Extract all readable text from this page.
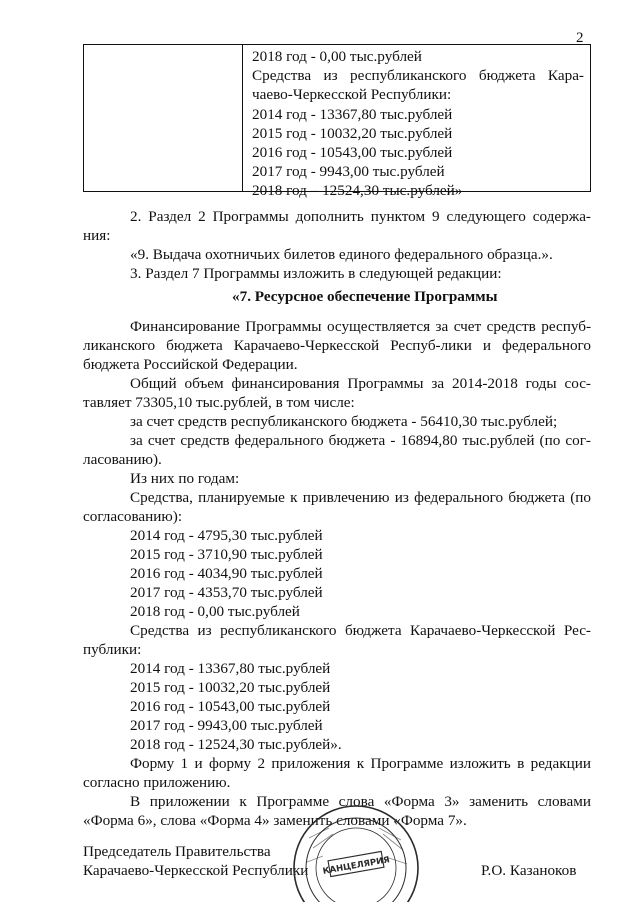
2
2018 год - 0,00 тыс.рублей
Средства из республиканского бюджета Кара-
чаево-Черкесской Республики:
2014 год - 13367,80 тыс.рублей
2015 год - 10032,20 тыс.рублей
2016 год - 10543,00 тыс.рублей
2017 год - 9943,00 тыс.рублей
2018 год – 12524,30 тыс.рублей»
2. Раздел 2 Программы дополнить пунктом 9 следующего содержа-
ния:
«9. Выдача охотничьих билетов единого федерального образца.».
3. Раздел 7 Программы изложить в следующей редакции:
«7. Ресурсное обеспечение Программы
Финансирование Программы осуществляется за счет средств респуб-
ликанского бюджета Карачаево-Черкесской Респуб-лики и федерального
бюджета Российской Федерации.
Общий объем финансирования Программы за 2014-2018 годы сос-
тавляет 73305,10 тыс.рублей, в том числе:
за счет средств республиканского бюджета - 56410,30 тыс.рублей;
за счет средств федерального бюджета - 16894,80 тыс.рублей (по сог-
ласованию).
Из них по годам:
Средства, планируемые к привлечению из федерального бюджета (по
согласованию):
2014 год - 4795,30 тыс.рублей
2015 год - 3710,90 тыс.рублей
2016 год - 4034,90 тыс.рублей
2017 год - 4353,70 тыс.рублей
2018 год - 0,00 тыс.рублей
Средства из республиканского бюджета Карачаево-Черкесской Рес-
публики:
2014 год - 13367,80 тыс.рублей
2015 год - 10032,20 тыс.рублей
2016 год - 10543,00 тыс.рублей
2017 год - 9943,00 тыс.рублей
2018 год - 12524,30 тыс.рублей».
Форму 1 и форму 2 приложения к Программе изложить в редакции
согласно приложению.
В приложении к Программе слова «Форма 3» заменить словами
«Форма 6», слова «Форма 4» заменить словами «Форма 7».
Председатель Правительства
Карачаево-Черкесской Республики	Р.О. Казаноков
КАНЦЕЛЯРИЯ
